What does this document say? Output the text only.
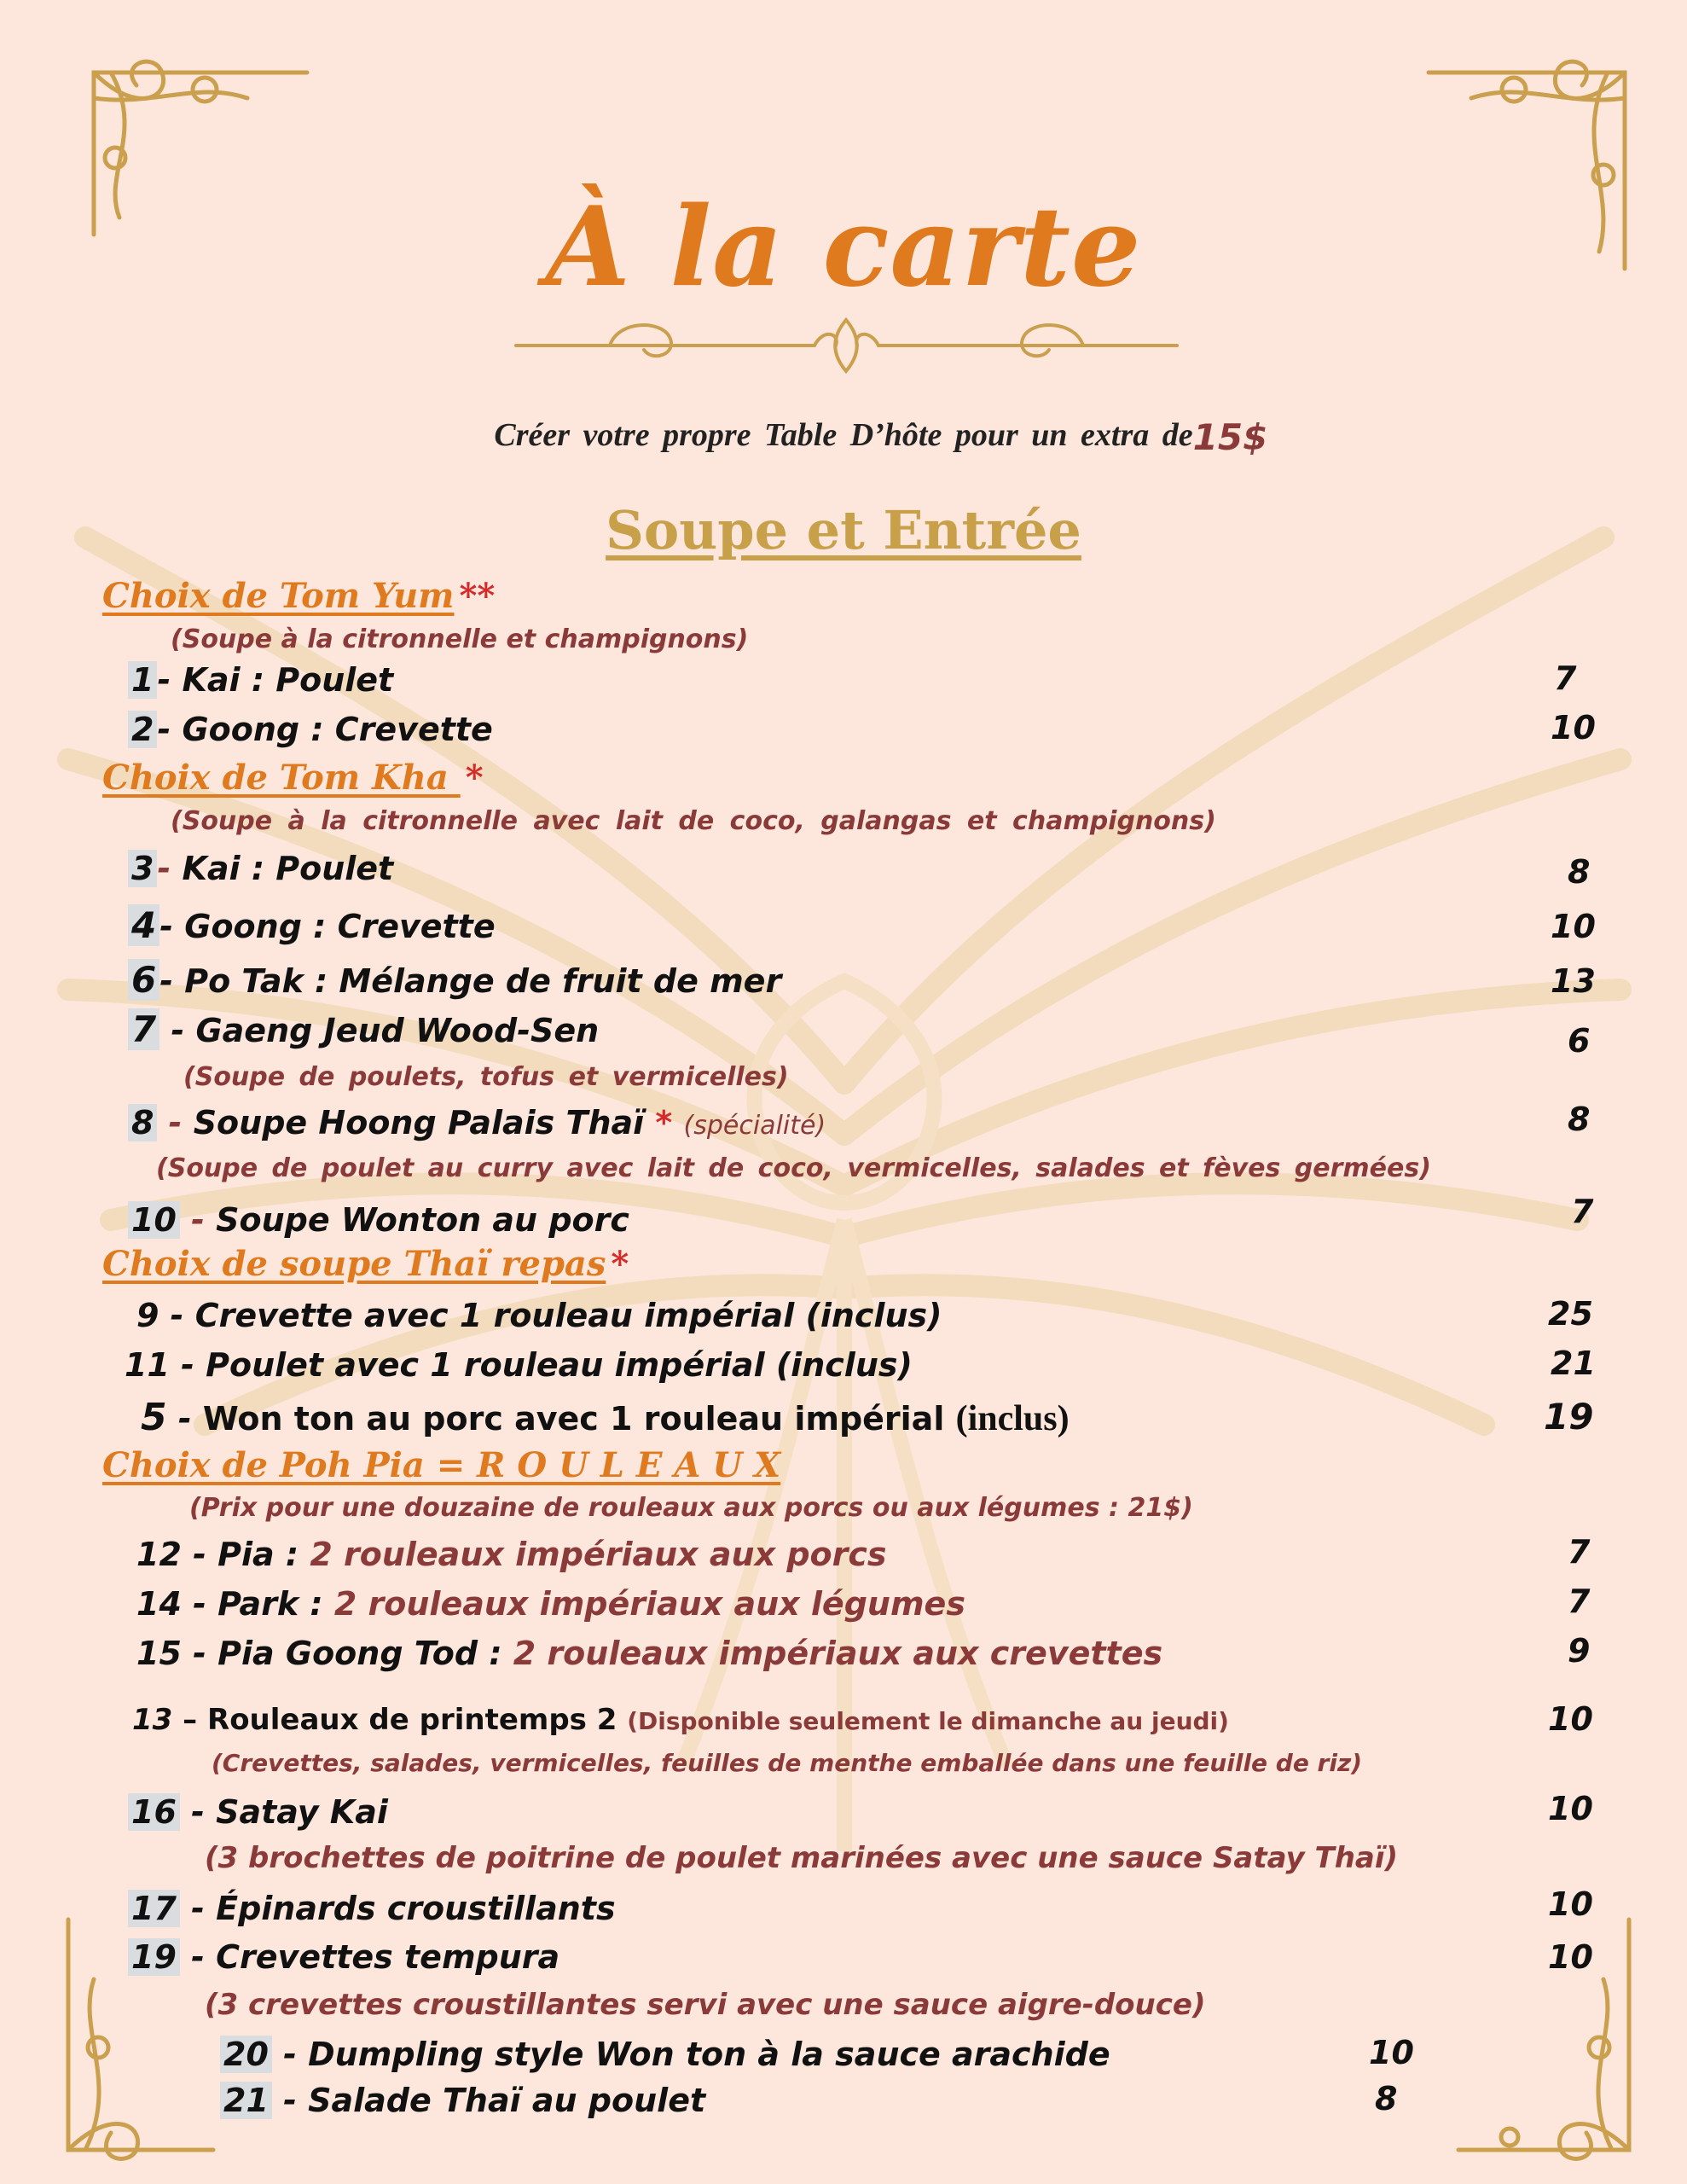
À la carte
Créer votre propre Table D’hôte pour un extra de 15$
Soupe et Entrée
Choix de Tom Yum **
(Soupe à la citronnelle et champignons)
1 - Kai : Poulet	7
2 - Goong : Crevette	10
Choix de Tom Kha *
(Soupe à la citronnelle avec lait de coco, galangas et champignons)
3 - Kai : Poulet	8
4 - Goong : Crevette	10
6 - Po Tak : Mélange de fruit de mer	13
7 - Gaeng Jeud Wood-Sen	6
(Soupe de poulets, tofus et vermicelles)
8 - Soupe Hoong Palais Thaï * (spécialité)	8
(Soupe de poulet au curry avec lait de coco, vermicelles, salades et fèves germées)
10 - Soupe Wonton au porc	7
Choix de soupe Thaï repas *
9 - Crevette avec 1 rouleau impérial (inclus)	25
11 - Poulet avec 1 rouleau impérial (inclus)	21
5 - Won ton au porc avec 1 rouleau impérial (inclus)	19
Choix de Poh Pia = R O U L E A U X
(Prix pour une douzaine de rouleaux aux porcs ou aux légumes : 21$)
12 - Pia : 2 rouleaux impériaux aux porcs	7
14 - Park : 2 rouleaux impériaux aux légumes	7
15 - Pia Goong Tod : 2 rouleaux impériaux aux crevettes	9
13 – Rouleaux de printemps 2 (Disponible seulement le dimanche au jeudi)	10
(Crevettes, salades, vermicelles, feuilles de menthe emballée dans une feuille de riz)
16 - Satay Kai	10
(3 brochettes de poitrine de poulet marinées avec une sauce Satay Thaï)
17 - Épinards croustillants	10
19 - Crevettes tempura	10
(3 crevettes croustillantes servi avec une sauce aigre-douce)
20 - Dumpling style Won ton à la sauce arachide	10
21 - Salade Thaï au poulet	8
